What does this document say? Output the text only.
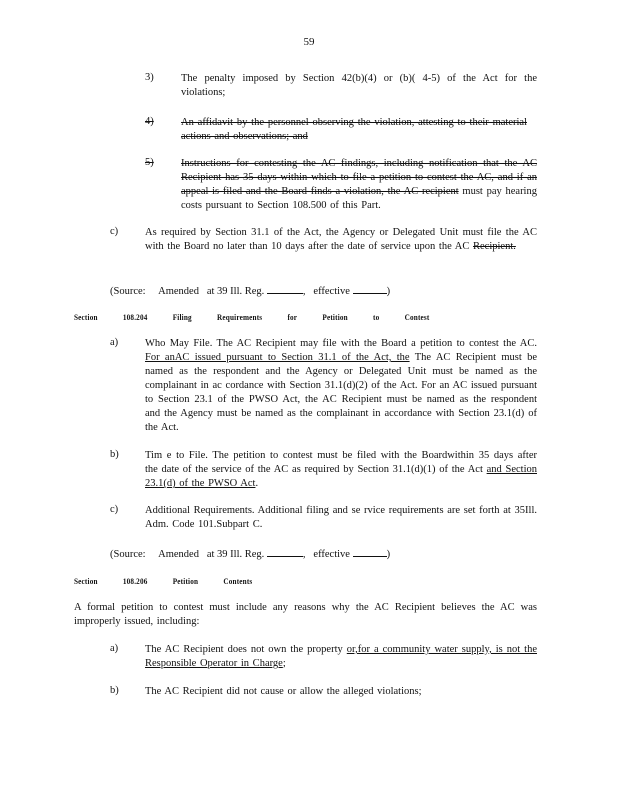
59
3)	The penalty imposed by Section 42(b)(4) or (b)( 4-5) of the Act for the violations;
4)	An affidavit by the personnel observing the violation, attesting to their material actions and observations; and
5)	Instructions for contesting the AC findings, including notification that the AC Recipient has 35 days within which to file a petition to contest the AC, and if an appeal is filed and the Board finds a violation, the AC recipient must pay hearing costs pursuant to Section 108.500 of this Part.
c)	As required by Section 31.1 of the Act, the Agency or Delegated Unit must file the AC with the Board no later than 10 days after the date of service upon the AC Recipient.
(Source: Amended at 39 Ill. Reg.	,   effective	)
Section	108.204	Filing	Requirements	for	Petition	to	Contest
a)	Who May File. The AC Recipient may file with the Board a petition to contest the AC. For anAC issued pursuant to Section 31.1 of the Act, the The AC Recipient must be named as the respondent and the Agency or Delegated Unit must be named as the complainant in ac cordance with Section 31.1(d)(2) of the Act. For an AC issued pursuant to Section 23.1 of the PWSO Act, the AC Recipient must be named as the respondent and the Agency must be named as the complainant in accordance with Section 23.1(d) of the Act.
b)	Tim e to File. The petition to contest must be filed with the Boardwithin 35 days after the date of the service of the AC as required by Section 31.1(d)(1) of the Act and Section 23.1(d) of the PWSO Act.
c)	Additional Requirements. Additional filing and se rvice requirements are set forth at 35Ill. Adm. Code 101.Subpart C.
(Source: Amended at 39 Ill. Reg.	,   effective	)
Section	108.206	Petition	Contents
A formal petition to contest must include any reasons why the AC Recipient believes the AC was improperly issued, including:
a)	The AC Recipient does not own the property or,for a community water supply, is not the Responsible Operator in Charge;
b)	The AC Recipient did not cause or allow the alleged violations;
